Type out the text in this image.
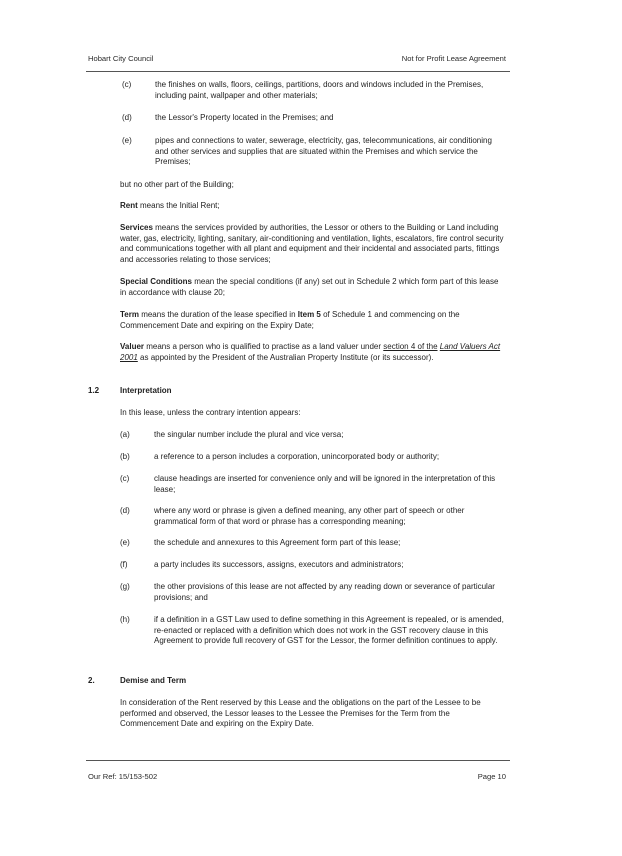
Hobart City Council	Not for Profit Lease Agreement
(c)	the finishes on walls, floors, ceilings, partitions, doors and windows included in the Premises, including paint, wallpaper and other materials;
(d)	the Lessor's Property located in the Premises; and
(e)	pipes and connections to water, sewerage, electricity, gas, telecommunications, air conditioning and other services and supplies that are situated within the Premises and which service the Premises;
but no other part of the Building;
Rent means the Initial Rent;
Services means the services provided by authorities, the Lessor or others to the Building or Land including water, gas, electricity, lighting, sanitary, air-conditioning and ventilation, lights, escalators, fire control security and communications together with all plant and equipment and their incidental and associated parts, fittings and accessories relating to those services;
Special Conditions mean the special conditions (if any) set out in Schedule 2 which form part of this lease in accordance with clause 20;
Term means the duration of the lease specified in Item 5 of Schedule 1 and commencing on the Commencement Date and expiring on the Expiry Date;
Valuer means a person who is qualified to practise as a land valuer under section 4 of the Land Valuers Act 2001 as appointed by the President of the Australian Property Institute (or its successor).
1.2	Interpretation
In this lease, unless the contrary intention appears:
(a)	the singular number include the plural and vice versa;
(b)	a reference to a person includes a corporation, unincorporated body or authority;
(c)	clause headings are inserted for convenience only and will be ignored in the interpretation of this lease;
(d)	where any word or phrase is given a defined meaning, any other part of speech or other grammatical form of that word or phrase has a corresponding meaning;
(e)	the schedule and annexures to this Agreement form part of this lease;
(f)	a party includes its successors, assigns, executors and administrators;
(g)	the other provisions of this lease are not affected by any reading down or severance of particular provisions; and
(h)	if a definition in a GST Law used to define something in this Agreement is repealed, or is amended, re-enacted or replaced with a definition which does not work in the GST recovery clause in this Agreement to provide full recovery of GST for the Lessor, the former definition continues to apply.
2.	Demise and Term
In consideration of the Rent reserved by this Lease and the obligations on the part of the Lessee to be performed and observed, the Lessor leases to the Lessee the Premises for the Term from the Commencement Date and expiring on the Expiry Date.
Our Ref: 15/153-502	Page 10
